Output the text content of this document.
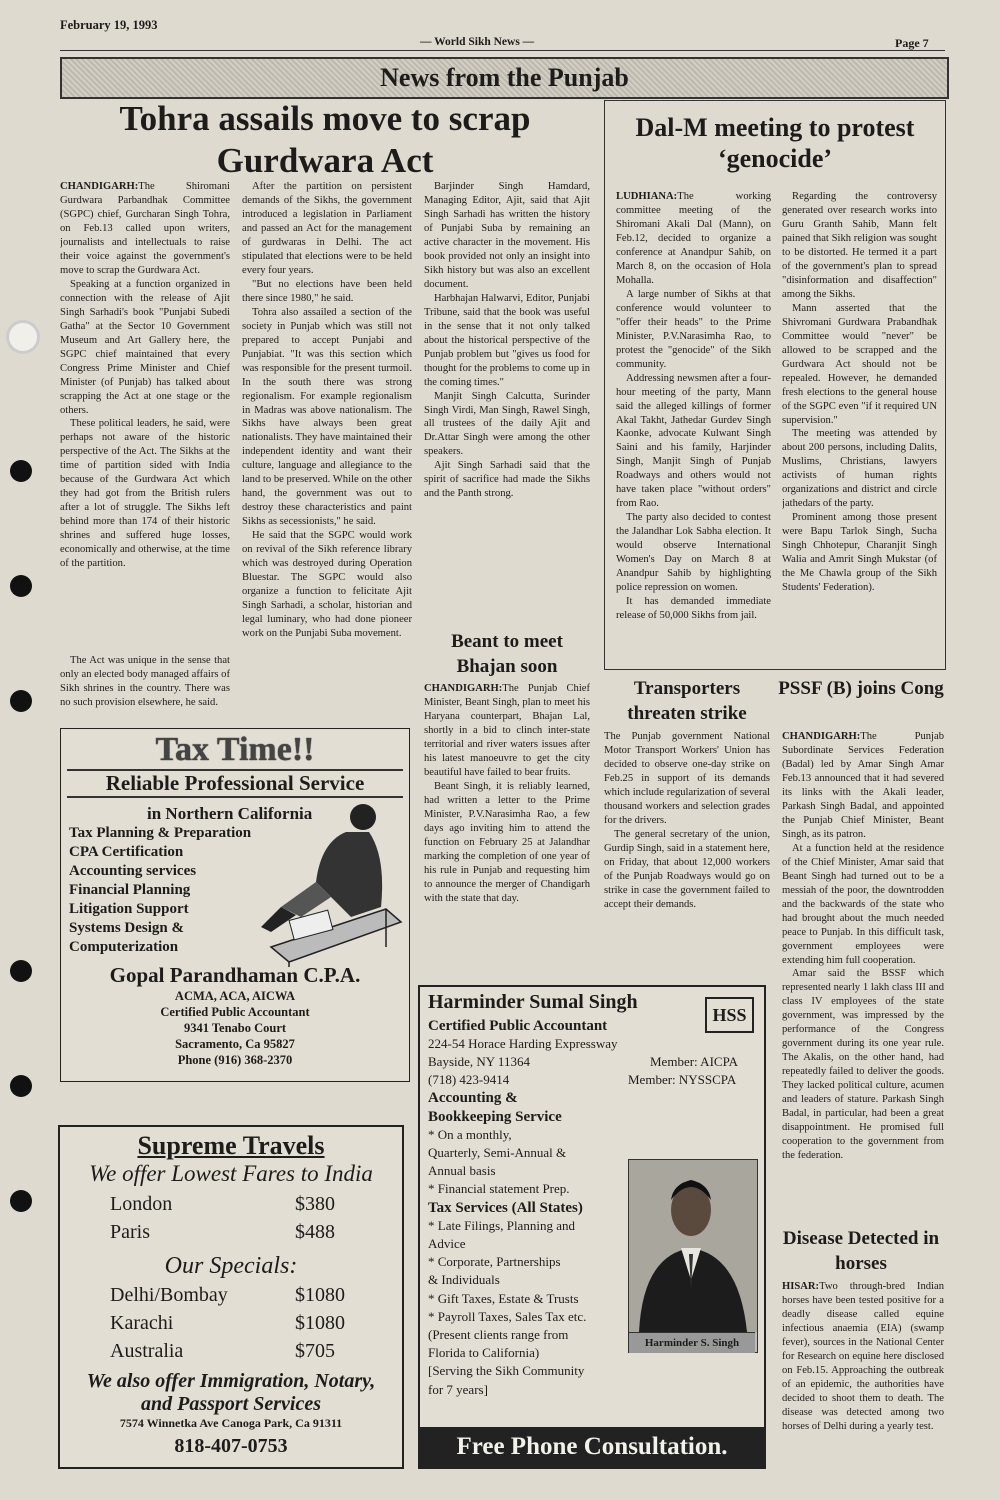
February 19, 1993
— World Sikh News —	Page 7
News from the Punjab
Tohra assails move to scrap Gurdwara Act

CHANDIGARH:The Shiromani Gurdwara Parbandhak Committee (SGPC) chief, Gurcharan Singh Tohra, on Feb.13 called upon writers, journalists and intellectuals to raise their voice against the government's move to scrap the Gurdwara Act.

Speaking at a function organized in connection with the release of Ajit Singh Sarhadi's book "Punjabi Subedi Gatha" at the Sector 10 Government Museum and Art Gallery here, the SGPC chief maintained that every Congress Prime Minister and Chief Minister (of Punjab) has talked about scrapping the Act at one stage or the others.

These political leaders, he said, were perhaps not aware of the historic perspective of the Act. The Sikhs at the time of partition sided with India because of the Gurdwara Act which they had got from the British rulers after a lot of struggle. The Sikhs left behind more than 174 of their historic shrines and suffered huge losses, economically and otherwise, at the time of the partition.

The Act was unique in the sense that only an elected body managed affairs of Sikh shrines in the country. There was no such provision elsewhere, he said.

After the partition on persistent demands of the Sikhs, the government introduced a legislation in Parliament and passed an Act for the management of gurdwaras in Delhi. The act stipulated that elections were to be held every four years.

"But no elections have been held there since 1980," he said.

Tohra also assailed a section of the society in Punjab which was still not prepared to accept Punjabi and Punjabiat. "It was this section which was responsible for the present turmoil. In the south there was strong regionalism. For example regionalism in Madras was above nationalism. The Sikhs have always been great nationalists. They have maintained their independent identity and want their culture, language and allegiance to the land to be preserved. While on the other hand, the government was out to destroy these characteristics and paint Sikhs as secessionists," he said.

He said that the SGPC would work on revival of the Sikh reference library which was destroyed during Operation Bluestar. The SGPC would also organize a function to felicitate Ajit Singh Sarhadi, a scholar, historian and legal luminary, who had done pioneer work on the Punjabi Suba movement.

Barjinder Singh Hamdard, Managing Editor, Ajit, said that Ajit Singh Sarhadi has written the history of Punjabi Suba by remaining an active character in the movement. His book provided not only an insight into Sikh history but was also an excellent document.

Harbhajan Halwarvi, Editor, Punjabi Tribune, said that the book was useful in the sense that it not only talked about the historical perspective of the Punjab problem but "gives us food for thought for the problems to come up in the coming times."

Manjit Singh Calcutta, Surinder Singh Virdi, Man Singh, Rawel Singh, all trustees of the daily Ajit and Dr.Attar Singh were among the other speakers.

Ajit Singh Sarhadi said that the spirit of sacrifice had made the Sikhs and the Panth strong.

Beant to meet Bhajan soon

CHANDIGARH:The Punjab Chief Minister, Beant Singh, plan to meet his Haryana counterpart, Bhajan Lal, shortly in a bid to clinch inter-state territorial and river waters issues after his latest manoeuvre to get the city beautiful have failed to bear fruits.

Beant Singh, it is reliably learned, had written a letter to the Prime Minister, P.V.Narasimha Rao, a few days ago inviting him to attend the function on February 25 at Jalandhar marking the completion of one year of his rule in Punjab and requesting him to announce the merger of Chandigarh with the state that day.

Dal-M meeting to protest ‘genocide’

LUDHIANA:The working committee meeting of the Shiromani Akali Dal (Mann), on Feb.12, decided to organize a conference at Anandpur Sahib, on March 8, on the occasion of Hola Mohalla.

A large number of Sikhs at that conference would volunteer to "offer their heads" to the Prime Minister, P.V.Narasimha Rao, to protest the "genocide" of the Sikh community.

Addressing newsmen after a four-hour meeting of the party, Mann said the alleged killings of former Akal Takht, Jathedar Gurdev Singh Kaonke, advocate Kulwant Singh Saini and his family, Harjinder Singh, Manjit Singh of Punjab Roadways and others would not have taken place "without orders" from Rao.

The party also decided to contest the Jalandhar Lok Sabha election. It would observe International Women's Day on March 8 at Anandpur Sahib by highlighting police repression on women.

It has demanded immediate release of 50,000 Sikhs from jail.

Regarding the controversy generated over research works into Guru Granth Sahib, Mann felt pained that Sikh religion was sought to be distorted. He termed it a part of the government's plan to spread "disinformation and disaffection" among the Sikhs.

Mann asserted that the Shivromani Gurdwara Prabandhak Committee would "never" be allowed to be scrapped and the Gurdwara Act should not be repealed. However, he demanded fresh elections to the general house of the SGPC even "if it required UN supervision."

The meeting was attended by about 200 persons, including Dalits, Muslims, Christians, lawyers activists of human rights organizations and district and circle jathedars of the party.

Prominent among those present were Bapu Tarlok Singh, Sucha Singh Chhotepur, Charanjit Singh Walia and Amrit Singh Mukstar (of the Me Chawla group of the Sikh Students' Federation).

Transporters threaten strike

The Punjab government National Motor Transport Workers' Union has decided to observe one-day strike on Feb.25 in support of its demands which include regularization of several thousand workers and selection grades for the drivers.

The general secretary of the union, Gurdip Singh, said in a statement here, on Friday, that about 12,000 workers of the Punjab Roadways would go on strike in case the government failed to accept their demands.

PSSF (B) joins Cong

CHANDIGARH:The Punjab Subordinate Services Federation (Badal) led by Amar Singh Amar Feb.13 announced that it had severed its links with the Akali leader, Parkash Singh Badal, and appointed the Punjab Chief Minister, Beant Singh, as its patron.

At a function held at the residence of the Chief Minister, Amar said that Beant Singh had turned out to be a messiah of the poor, the downtrodden and the backwards of the state who had brought about the much needed peace to Punjab. In this difficult task, government employees were extending him full cooperation.

Amar said the BSSF which represented nearly 1 lakh class III and class IV employees of the state government, was impressed by the performance of the Congress government during its one year rule. The Akalis, on the other hand, had repeatedly failed to deliver the goods. They lacked political culture, acumen and leaders of stature. Parkash Singh Badal, in particular, had been a great disappointment. He promised full cooperation to the government from the federation.

Disease Detected in horses

HISAR:Two through-bred Indian horses have been tested positive for a deadly disease called equine infectious anaemia (EIA) (swamp fever), sources in the National Center for Research on equine here disclosed on Feb.15. Approaching the outbreak of an epidemic, the authorities have decided to shoot them to death. The disease was detected among two horses of Delhi during a yearly test.

Tax Time!!
Reliable Professional Service
in Northern California
Tax Planning & Preparation
CPA Certification
Accounting services
Financial Planning
Litigation Support
Systems Design &
Computerization
Gopal Parandhaman C.P.A.
ACMA, ACA, AICWA
Certified Public Accountant
9341 Tenabo Court
Sacramento, Ca 95827
Phone (916) 368-2370
Supreme Travels
We offer Lowest Fares to India
London	$380
Paris	$488
Our Specials:
Delhi/Bombay	$1080
Karachi	$1080
Australia	$705
We also offer Immigration, Notary,
and Passport Services
7574 Winnetka Ave Canoga Park, Ca 91311
818-407-0753
Harminder Sumal Singh
HSS
Certified Public Accountant
224-54 Horace Harding Expressway
Bayside, NY 11364	Member: AICPA
(718) 423-9414	Member: NYSSCPA
Accounting &
Bookkeeping Service
* On a monthly,
Quarterly, Semi-Annual &
Annual basis
* Financial statement Prep.
Tax Services (All States)
* Late Filings, Planning and
Advice
* Corporate, Partnerships
& Individuals
* Gift Taxes, Estate & Trusts
* Payroll Taxes, Sales Tax etc.
(Present clients range from
Florida to California)
[Serving the Sikh Community
for 7 years]
Harminder S. Singh
Free Phone Consultation.
